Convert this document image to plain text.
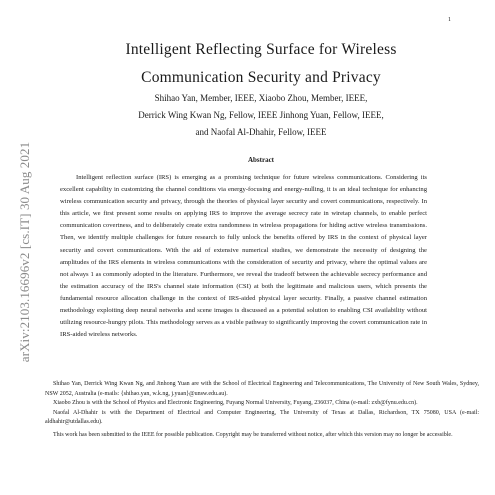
1
arXiv:2103.16696v2 [cs.IT] 30 Aug 2021
Intelligent Reflecting Surface for Wireless
Communication Security and Privacy
Shihao Yan, Member, IEEE, Xiaobo Zhou, Member, IEEE,
Derrick Wing Kwan Ng, Fellow, IEEE Jinhong Yuan, Fellow, IEEE,
and Naofal Al-Dhahir, Fellow, IEEE
Abstract
Intelligent reflection surface (IRS) is emerging as a promising technique for future wireless communications. Considering its excellent capability in customizing the channel conditions via energy-focusing and energy-nulling, it is an ideal technique for enhancing wireless communication security and privacy, through the theories of physical layer security and covert communications, respectively. In this article, we first present some results on applying IRS to improve the average secrecy rate in wiretap channels, to enable perfect communication covertness, and to deliberately create extra randomness in wireless propagations for hiding active wireless transmissions. Then, we identify multiple challenges for future research to fully unlock the benefits offered by IRS in the context of physical layer security and covert communications. With the aid of extensive numerical studies, we demonstrate the necessity of designing the amplitudes of the IRS elements in wireless communications with the consideration of security and privacy, where the optimal values are not always 1 as commonly adopted in the literature. Furthermore, we reveal the tradeoff between the achievable secrecy performance and the estimation accuracy of the IRS's channel state information (CSI) at both the legitimate and malicious users, which presents the fundamental resource allocation challenge in the context of IRS-aided physical layer security. Finally, a passive channel estimation methodology exploiting deep neural networks and scene images is discussed as a potential solution to enabling CSI availability without utilizing resource-hungry pilots. This methodology serves as a visible pathway to significantly improving the covert communication rate in IRS-aided wireless networks.

Shihao Yan, Derrick Wing Kwan Ng, and Jinhong Yuan are with the School of Electrical Engineering and Telecommunications, The University of New South Wales, Sydney, NSW 2052, Australia (e-mails: {shihao.yan, w.k.ng, j.yuan}@unsw.edu.au).

Xiaobo Zhou is with the School of Physics and Electronic Engineering, Fuyang Normal University, Fuyang, 236037, China (e-mail: zxb@fynu.edu.cn).

Naofal Al-Dhahir is with the Department of Electrical and Computer Engineering, The University of Texas at Dallas, Richardson, TX 75080, USA (e-mail: aldhahir@utdallas.edu).

This work has been submitted to the IEEE for possible publication. Copyright may be transferred without notice, after which this version may no longer be accessible.
